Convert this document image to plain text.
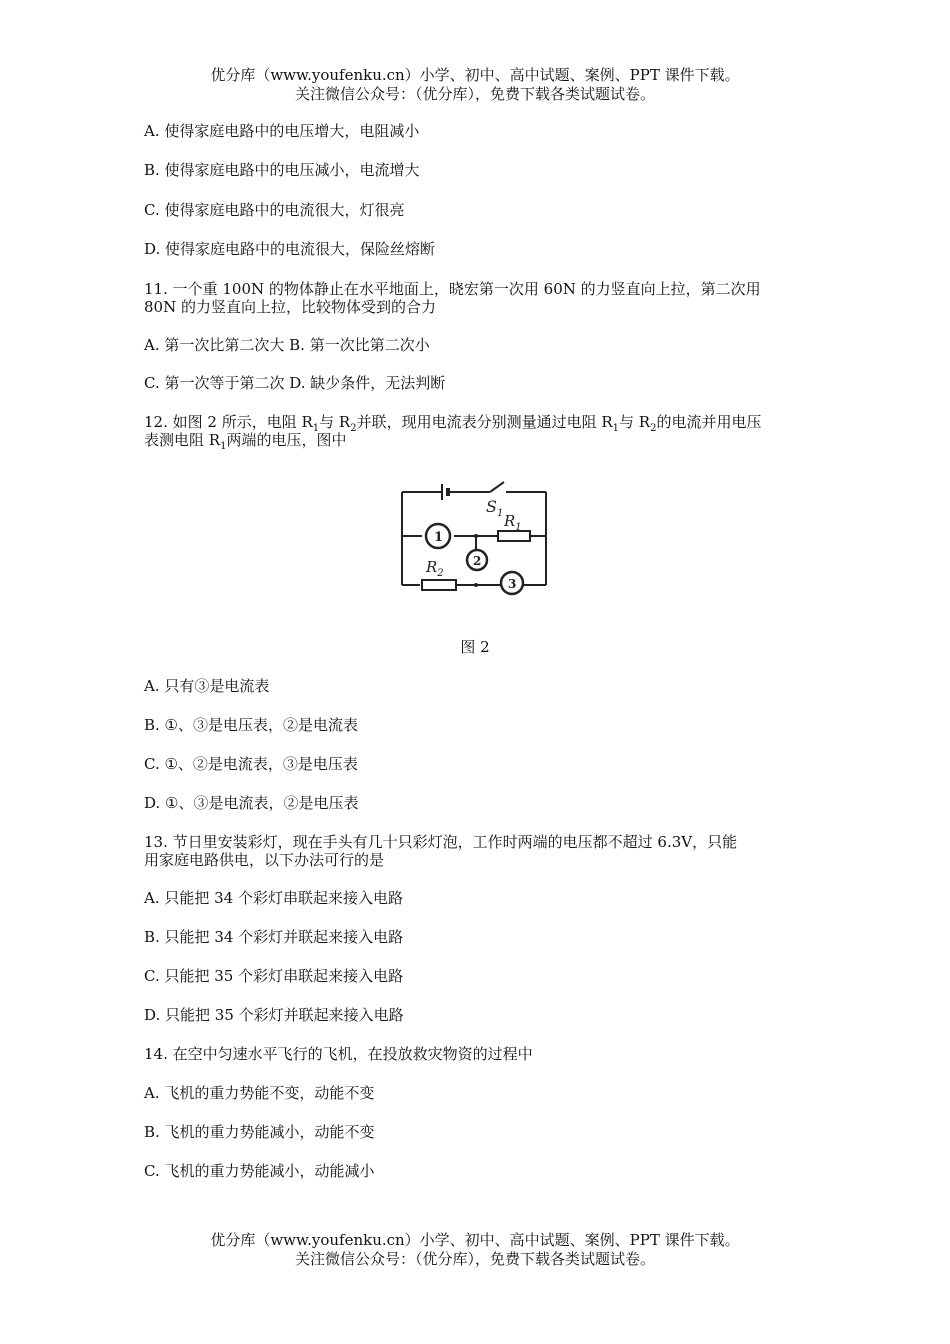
优分库（www.youfenku.cn）小学、初中、高中试题、案例、PPT 课件下载。
关注微信公众号：（优分库），免费下载各类试题试卷。
A. 使得家庭电路中的电压增大，电阻减小
B. 使得家庭电路中的电压减小，电流增大
C. 使得家庭电路中的电流很大，灯很亮
D. 使得家庭电路中的电流很大，保险丝熔断
11. 一个重 100N 的物体静止在水平地面上，晓宏第一次用 60N 的力竖直向上拉，第二次用
80N 的力竖直向上拉，比较物体受到的合力
A. 第一次比第二次大 B. 第一次比第二次小
C. 第一次等于第二次 D. 缺少条件，无法判断
12. 如图 2 所示，电阻 $R_1$与 $R_2$并联，现用电流表分别测量通过电阻 $R_1$与 $R_2$的电流并用电压
表测电阻 $R_1$两端的电压，图中
$S_1$ $R_1$
$R_2$
1
2
3
图 2
A. 只有③是电流表
B. ①、③是电压表，②是电流表
C. ①、②是电流表，③是电压表
D. ①、③是电流表，②是电压表
13. 节日里安装彩灯，现在手头有几十只彩灯泡，工作时两端的电压都不超过 6.3V，只能
用家庭电路供电，以下办法可行的是
A. 只能把 34 个彩灯串联起来接入电路
B. 只能把 34 个彩灯并联起来接入电路
C. 只能把 35 个彩灯串联起来接入电路
D. 只能把 35 个彩灯并联起来接入电路
14. 在空中匀速水平飞行的飞机，在投放救灾物资的过程中
A. 飞机的重力势能不变，动能不变
B. 飞机的重力势能减小，动能不变
C. 飞机的重力势能减小，动能减小
优分库（www.youfenku.cn）小学、初中、高中试题、案例、PPT 课件下载。
关注微信公众号：（优分库），免费下载各类试题试卷。
